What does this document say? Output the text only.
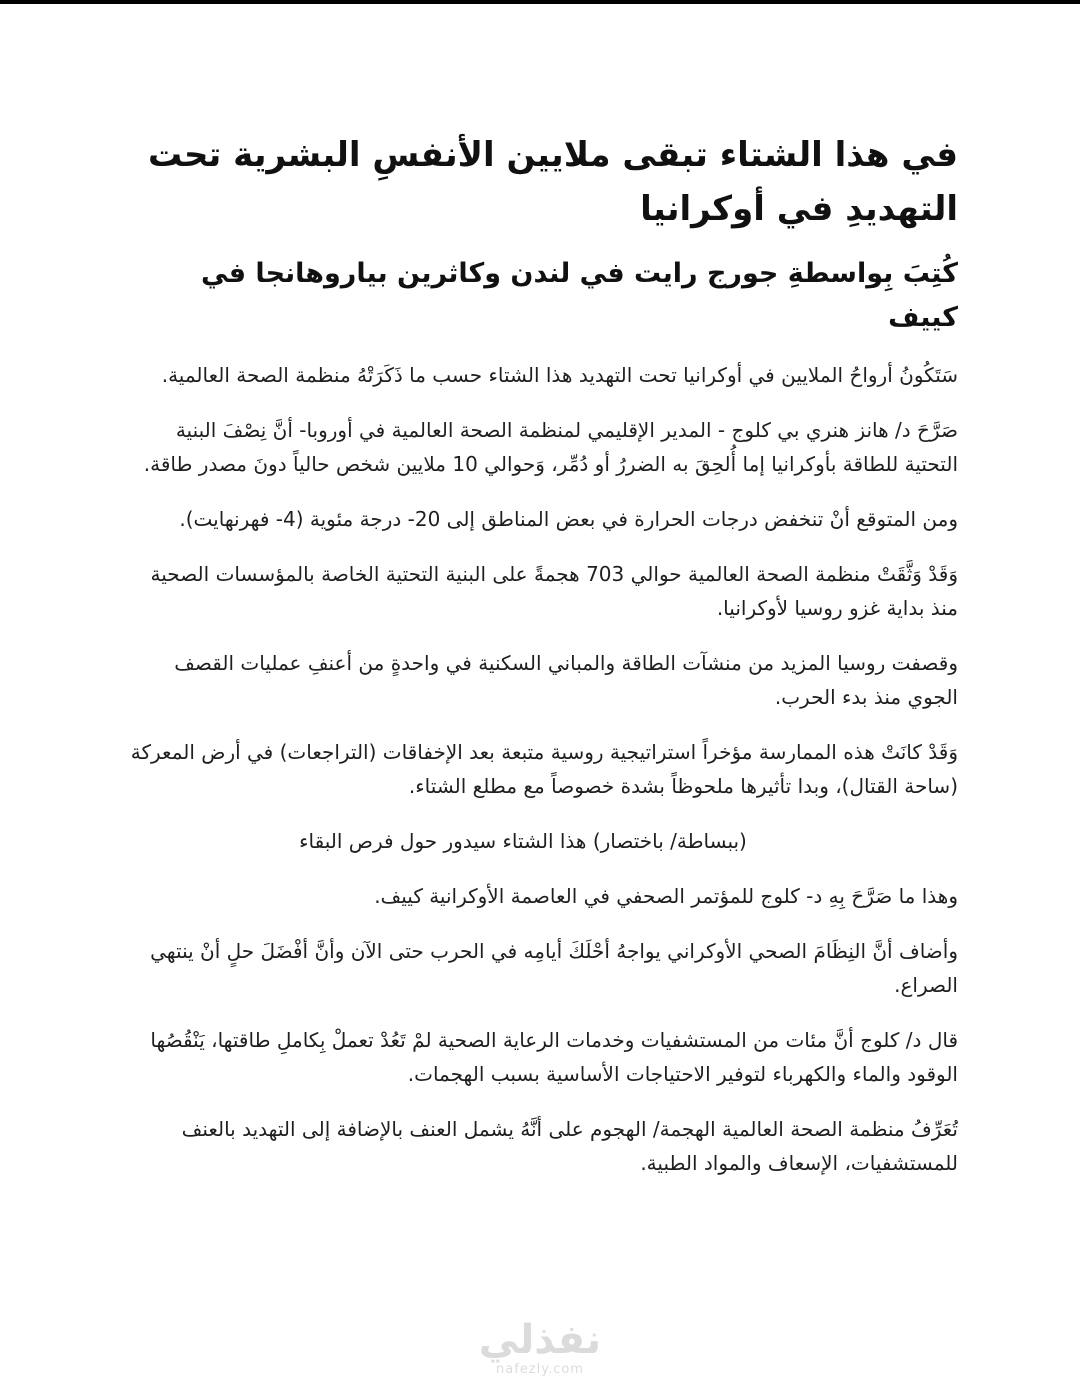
في هذا الشتاء تبقى ملايين الأنفسِ البشرية تحت التهديدِ في أوكرانيا
كُتِبَ بِواسطةِ جورج رايت في لندن وكاثرين بياروهانجا في كييف

سَتَكُونُ أرواحُ الملايين في أوكرانيا تحت التهديد هذا الشتاء حسب ما ذَكَرَتْهُ منظمة الصحة العالمية.

صَرَّحَ د/ هانز هنري بي كلوج - المدير الإقليمي لمنظمة الصحة العالمية في أوروبا- أنَّ نِصْفَ البنية التحتية للطاقة بأوكرانيا إما أُلحِقَ به الضررُ أو دُمِّر، وَحوالي 10 ملايين شخص حالياً دونَ مصدر طاقة.

ومن المتوقع أنْ تنخفض درجات الحرارة في بعض المناطق إلى 20- درجة مئوية (4- فهرنهايت).

وَقَدْ وَثَّقَتْ منظمة الصحة العالمية حوالي 703 هجمةً على البنية التحتية الخاصة بالمؤسسات الصحية منذ بداية غزو روسيا لأوكرانيا.

وقصفت روسيا المزيد من منشآت الطاقة والمباني السكنية في واحدةٍ من أعنفِ عمليات القصف الجوي منذ بدء الحرب.

وَقَدْ كانَتْ هذه الممارسة مؤخراً استراتيجية روسية متبعة بعد الإخفاقات (التراجعات) في أرض المعركة (ساحة القتال)، وبدا تأثيرها ملحوظاً بشدة خصوصاً مع مطلع الشتاء.

(ببساطة/ باختصار) هذا الشتاء سيدور حول فرص البقاء

وهذا ما صَرَّحَ بِهِ د- كلوج للمؤتمر الصحفي في العاصمة الأوكرانية كييف.

وأضاف أنَّ النِظَامَ الصحي الأوكراني يواجهُ أحْلَكَ أيامِه في الحرب حتى الآن وأنَّ أفْضَلَ حلٍ أنْ ينتهي الصراع.

قال د/ كلوج أنَّ مئات من المستشفيات وخدمات الرعاية الصحية لمْ تَعُدْ تعملْ بِكاملِ طاقتها، يَنْقُصُها الوقود والماء والكهرباء لتوفير الاحتياجات الأساسية بسبب الهجمات.

تُعَرِّفُ منظمة الصحة العالمية الهجمة/ الهجوم على أنَّهُ يشمل العنف بالإضافة إلى التهديد بالعنف للمستشفيات، الإسعاف والمواد الطبية.

نفذلي
nafezly.com
